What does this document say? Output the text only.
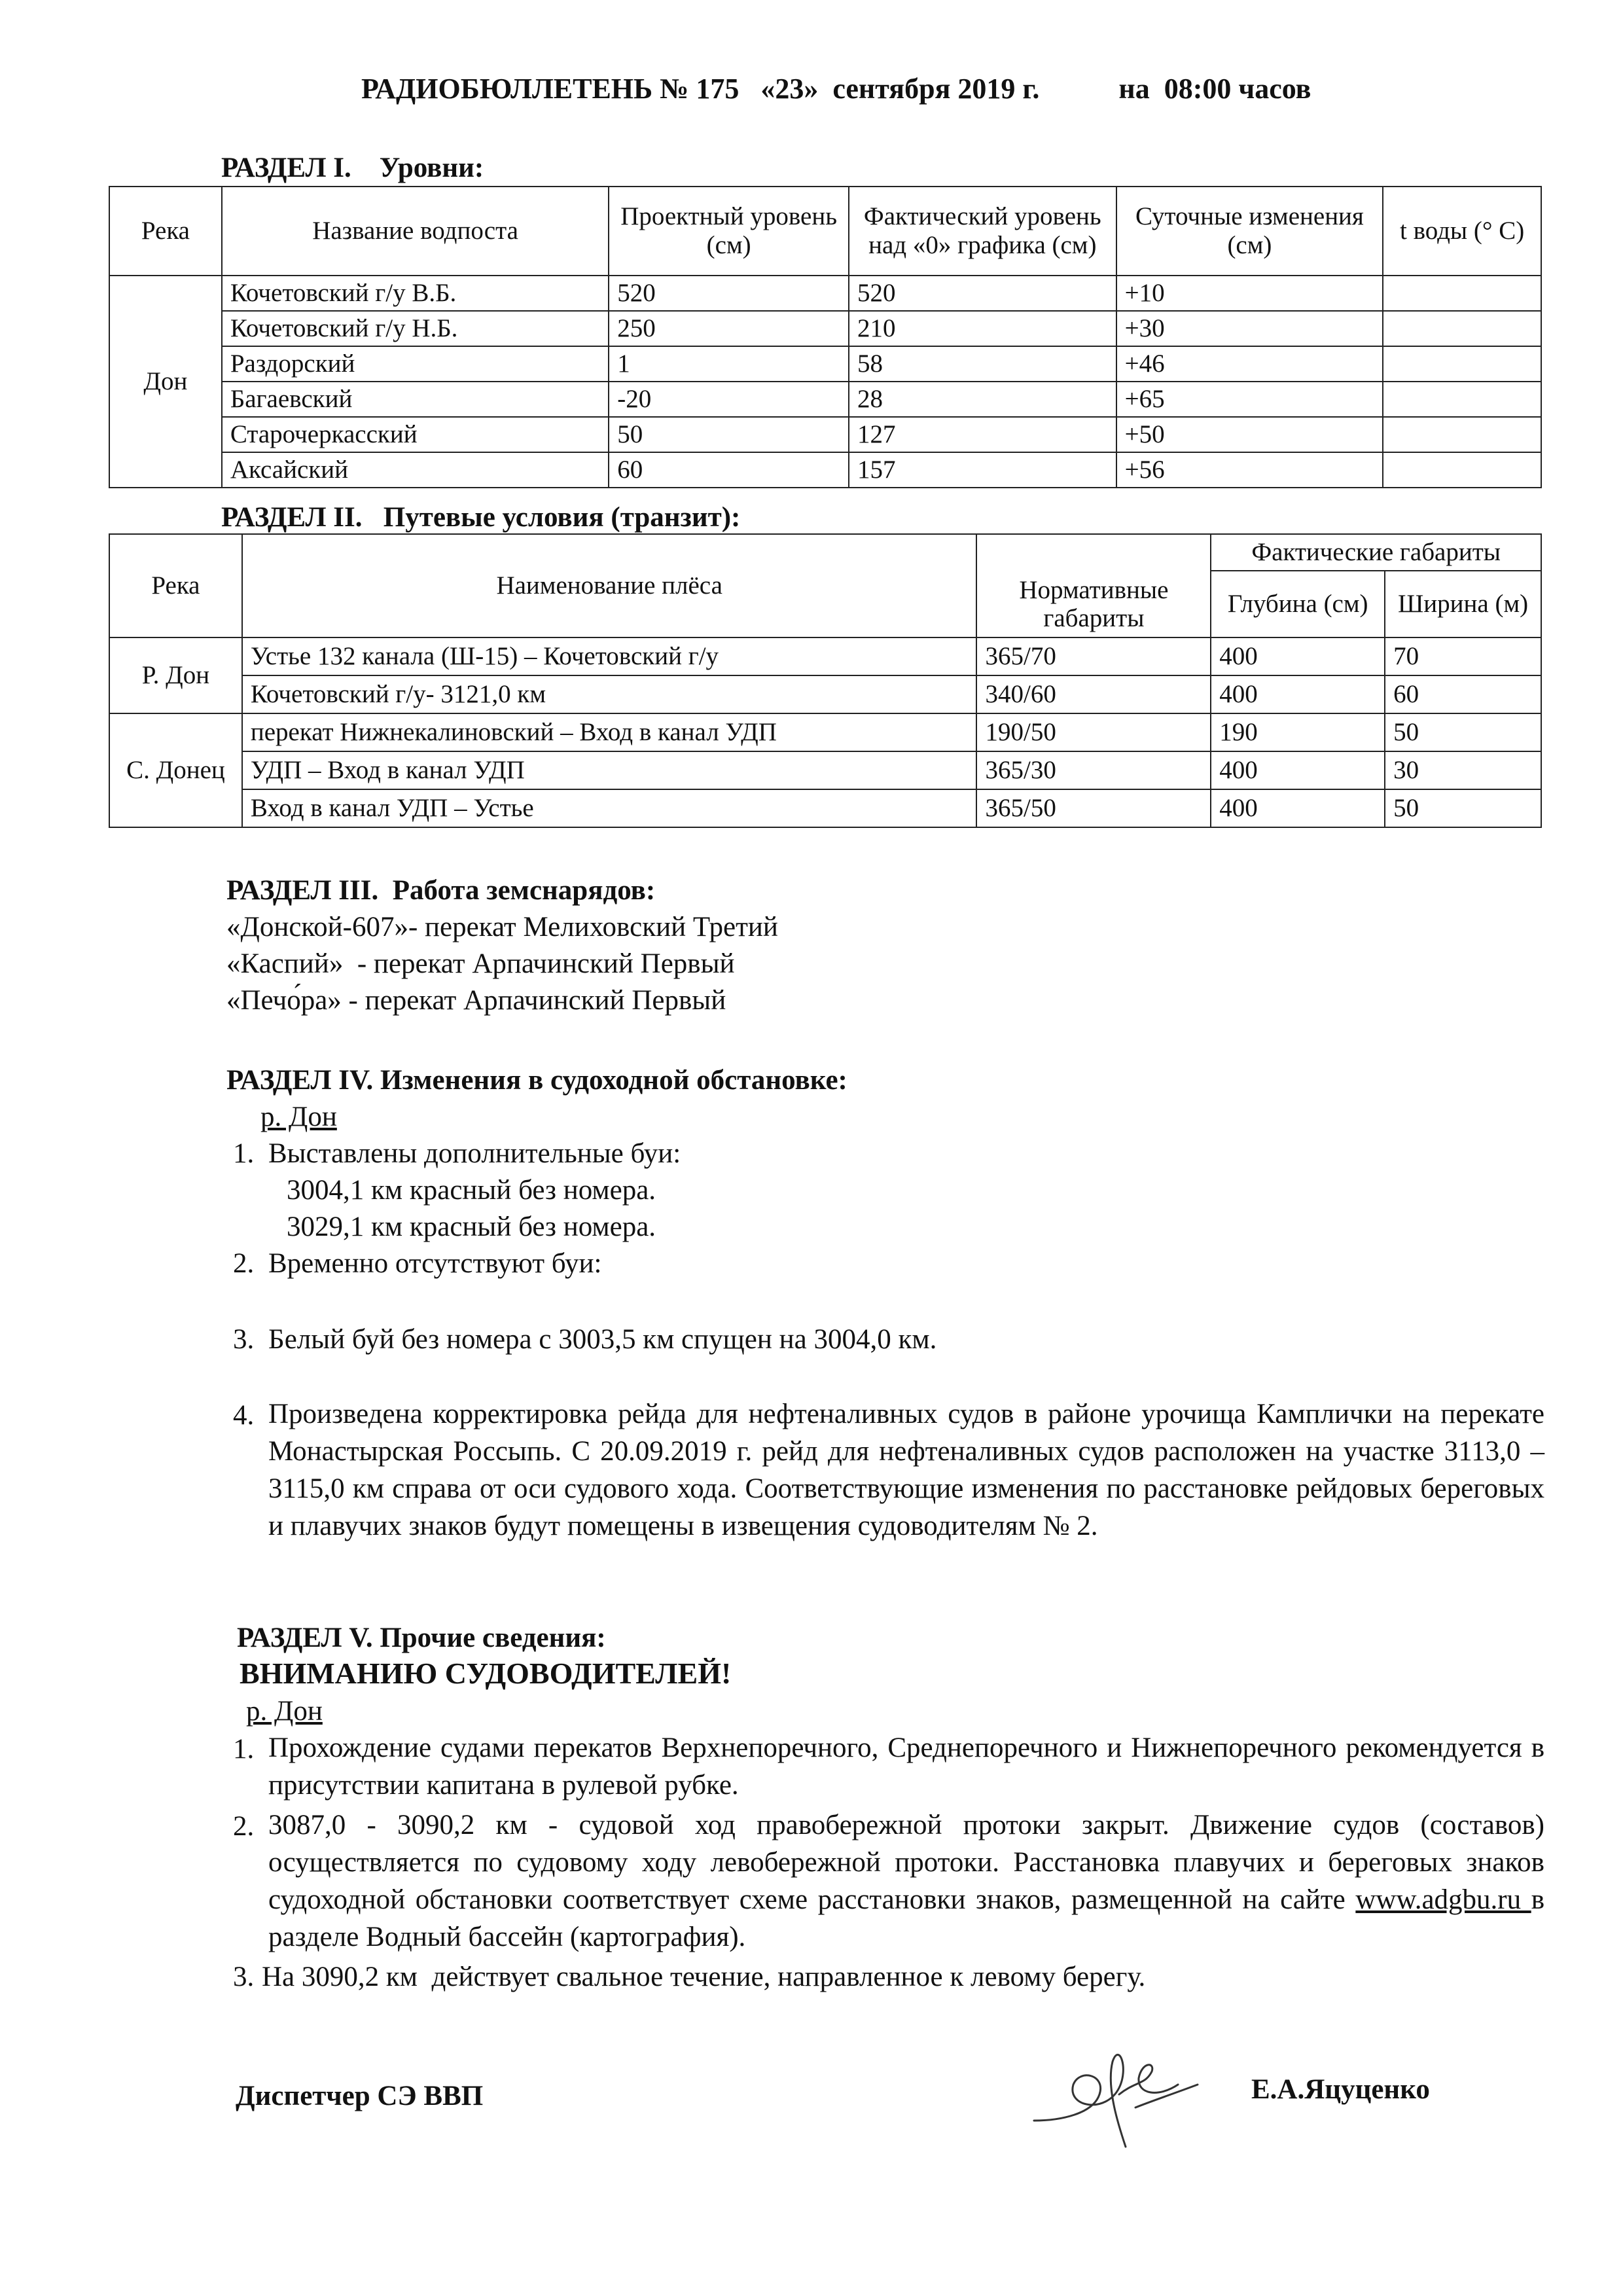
РАДИОБЮЛЛЕТЕНЬ № 175   «23»  сентября 2019 г.           на  08:00 часов
РАЗДЕЛ I.    Уровни:
Река	Название водпоста	Проектный уровень (см)	Фактический уровень над «0» графика (см)	Суточные изменения (см)	t воды (° C)
Дон	Кочетовский г/у В.Б.	520	520	+10	
	Кочетовский г/у Н.Б.	250	210	+30	
	Раздорский	1	58	+46	
	Багаевский	-20	28	+65	
	Старочеркасский	50	127	+50	
	Аксайский	60	157	+56	
РАЗДЕЛ II.   Путевые условия (транзит):
Река	Наименование плёса	Нормативные габариты	Фактические габариты	
			Глубина (см)	Ширина (м)
Р. Дон	Устье 132 канала (Ш-15) – Кочетовский г/у	365/70	400	70
	Кочетовский г/у- 3121,0 км	340/60	400	60
С. Донец	перекат Нижнекалиновский – Вход в канал УДП	190/50	190	50
	УДП – Вход в канал УДП	365/30	400	30
	Вход в канал УДП – Устье	365/50	400	50
РАЗДЕЛ III.  Работа земснарядов:
«Донской-607»- перекат Мелиховский Третий
«Каспий»  - перекат Арпачинский Первый
«Печо́ра» - перекат Арпачинский Первый
РАЗДЕЛ IV. Изменения в судоходной обстановке:
р. Дон
1. Выставлены дополнительные буи:
3004,1 км красный без номера.
3029,1 км красный без номера.
2. Временно отсутствуют буи:
3. Белый буй без номера с 3003,5 км спущен на 3004,0 км.
4. Произведена корректировка рейда для нефтеналивных судов в районе урочища Камплички на перекате Монастырская Россыпь. С 20.09.2019 г. рейд для нефтеналивных судов расположен на участке 3113,0 – 3115,0 км справа от оси судового хода. Соответствующие изменения по расстановке рейдовых береговых и плавучих знаков будут помещены в извещения судоводителям № 2.
РАЗДЕЛ V. Прочие сведения:
ВНИМАНИЮ СУДОВОДИТЕЛЕЙ!
р. Дон
1. Прохождение судами перекатов Верхнепоречного, Среднепоречного и Нижнепоречного рекомендуется в присутствии капитана в рулевой рубке.
2. 3087,0 - 3090,2 км - судовой ход правобережной протоки закрыт. Движение судов (составов) осуществляется по судовому ходу левобережной протоки. Расстановка плавучих и береговых знаков судоходной обстановки соответствует схеме расстановки знаков, размещенной на сайте www.adgbu.ru в разделе Водный бассейн (картография).
3. На 3090,2 км  действует свальное течение, направленное к левому берегу.
Диспетчер СЭ ВВП	Е.А.Яцуценко
